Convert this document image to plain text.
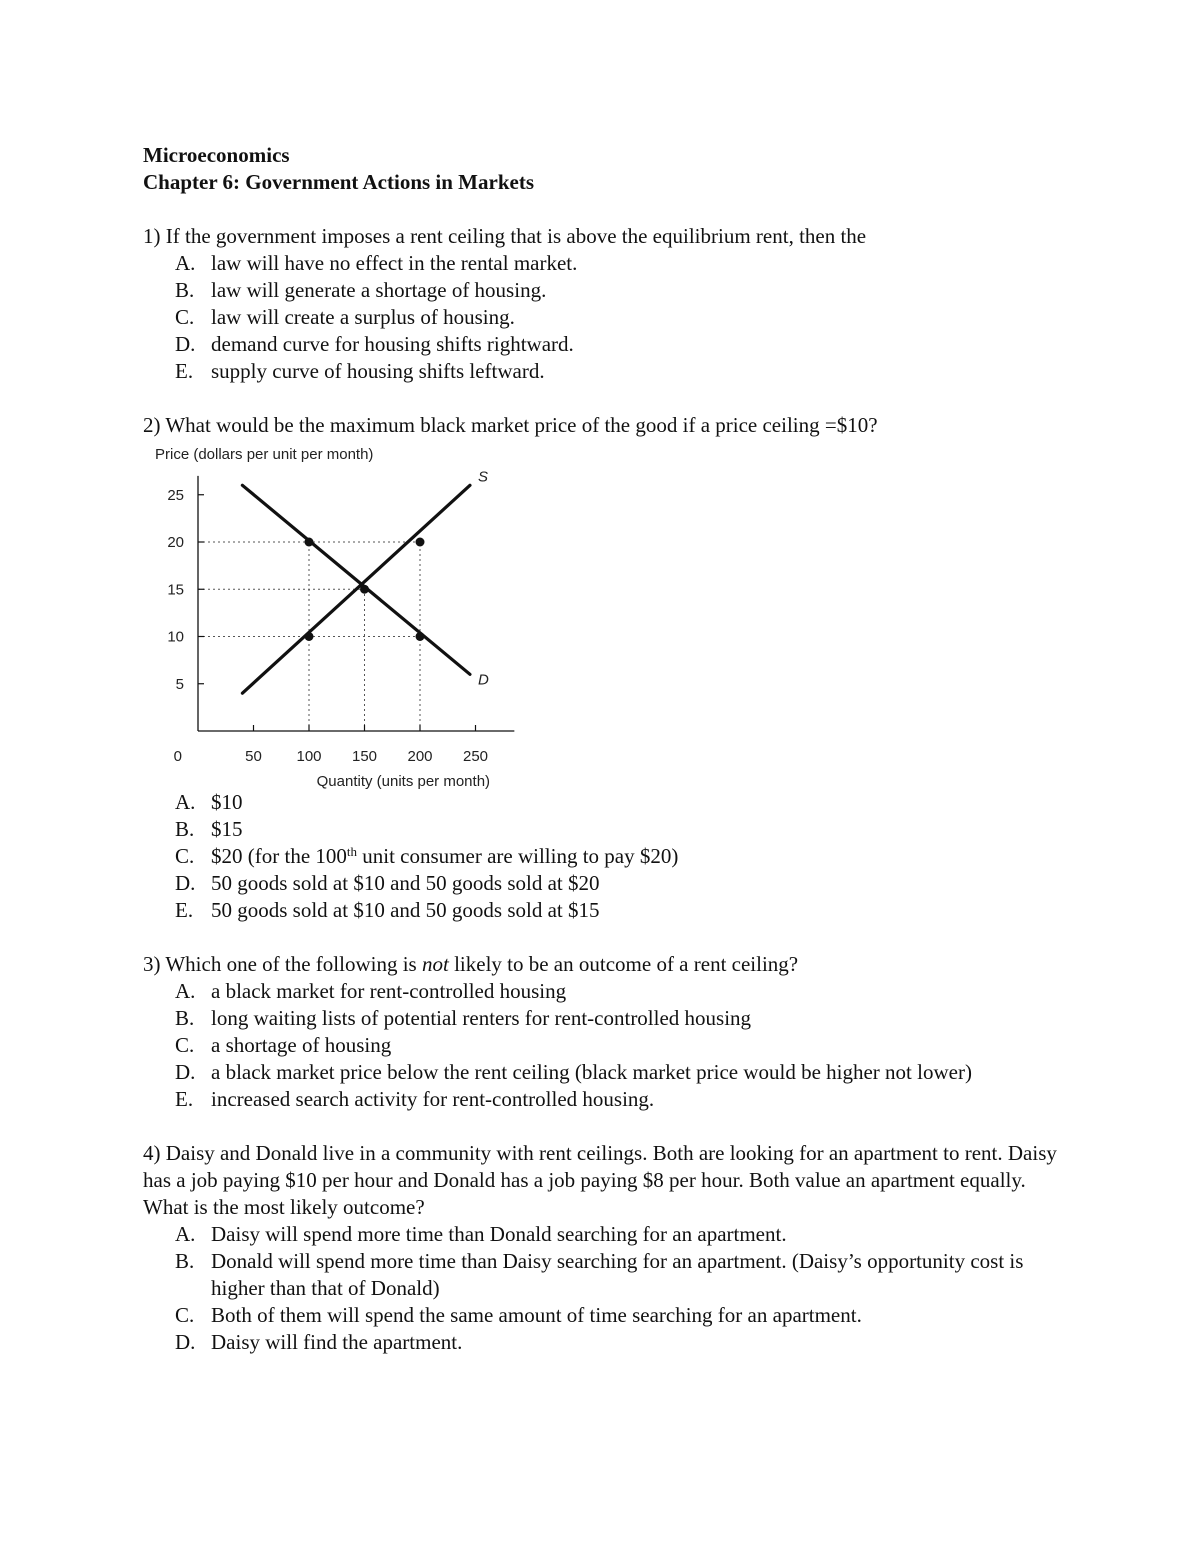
Microeconomics

Chapter 6: Government Actions in Markets

1) If the government imposes a rent ceiling that is above the equilibrium rent, then the

A. law will have no effect in the rental market.
B. law will generate a shortage of housing.
C. law will create a surplus of housing.
D. demand curve for housing shifts rightward.
E. supply curve of housing shifts leftward.

2) What would be the maximum black market price of the good if a price ceiling =$10?

Price (dollars per unit per month)
5
10
15
20
25
50 100 150 200 250
0
Quantity (units per month)
S
D
A. $10
B. $15
C. $20 (for the 100th unit consumer are willing to pay $20)
D. 50 goods sold at $10 and 50 goods sold at $20
E. 50 goods sold at $10 and 50 goods sold at $15

3) Which one of the following is not likely to be an outcome of a rent ceiling?

A. a black market for rent-controlled housing
B. long waiting lists of potential renters for rent-controlled housing
C. a shortage of housing
D. a black market price below the rent ceiling (black market price would be higher not lower)
E. increased search activity for rent-controlled housing.

4) Daisy and Donald live in a community with rent ceilings. Both are looking for an apartment to rent. Daisy has a job paying $10 per hour and Donald has a job paying $8 per hour. Both value an apartment equally. What is the most likely outcome?

A. Daisy will spend more time than Donald searching for an apartment.
B. Donald will spend more time than Daisy searching for an apartment. (Daisy’s opportunity cost is higher than that of Donald)
C. Both of them will spend the same amount of time searching for an apartment.
D. Daisy will find the apartment.
